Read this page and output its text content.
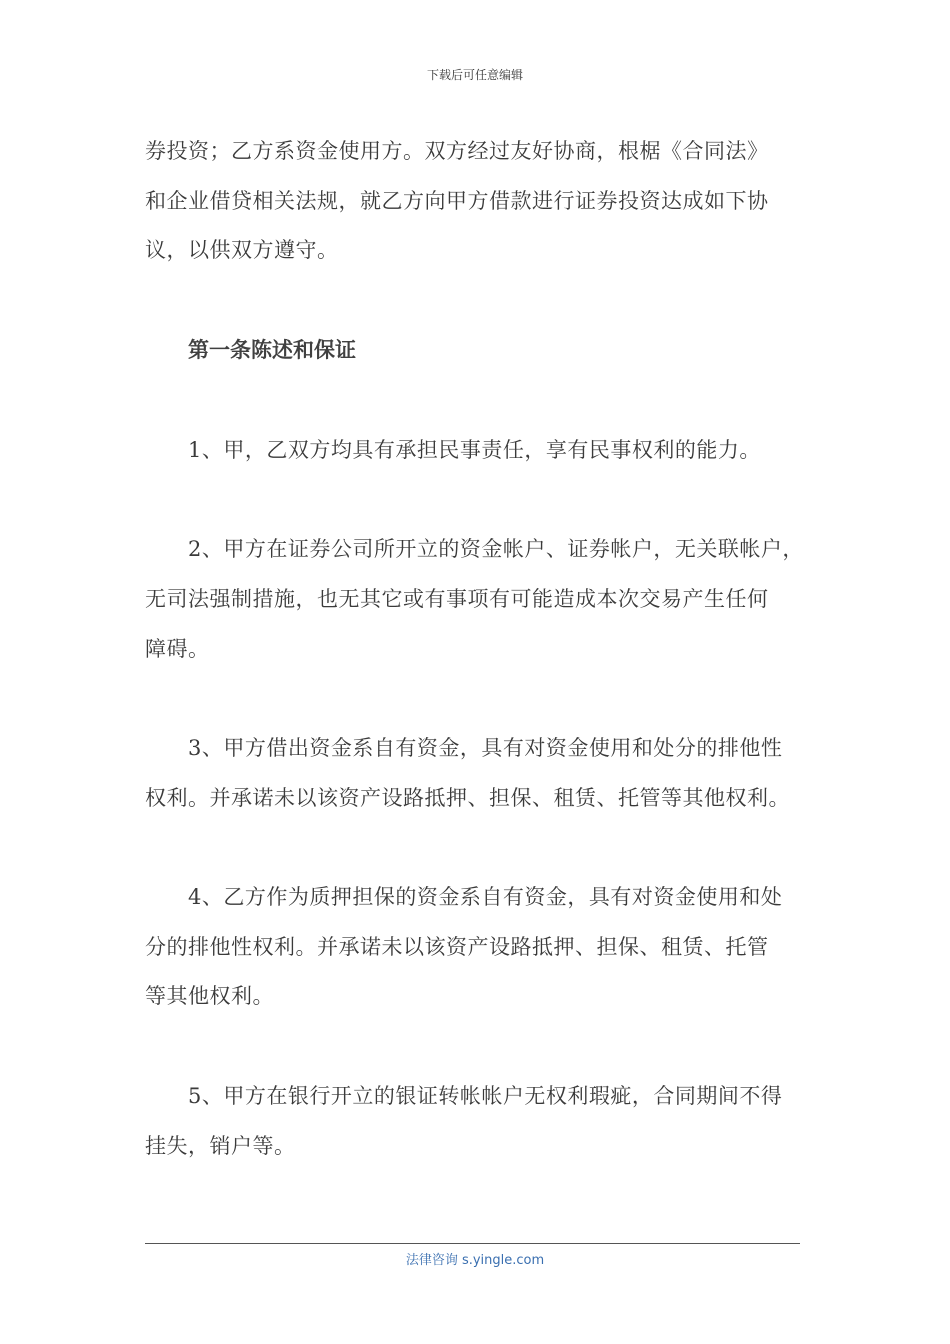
下载后可任意编辑
券投资；乙方系资金使用方。双方经过友好协商，根椐《合同法》
和企业借贷相关法规，就乙方向甲方借款进行证券投资达成如下协
议，以供双方遵守。
第一条陈述和保证
1、甲，乙双方均具有承担民事责任，享有民事权利的能力。
2、甲方在证券公司所开立的资金帐户、证券帐户，无关联帐户，
无司法强制措施，也无其它或有事项有可能造成本次交易产生任何
障碍。
3、甲方借出资金系自有资金，具有对资金使用和处分的排他性
权利。并承诺未以该资产设路抵押、担保、租赁、托管等其他权利。
4、乙方作为质押担保的资金系自有资金，具有对资金使用和处
分的排他性权利。并承诺未以该资产设路抵押、担保、租赁、托管
等其他权利。
5、甲方在银行开立的银证转帐帐户无权利瑕疵，合同期间不得
挂失，销户等。
法律咨询 s.yingle.com
